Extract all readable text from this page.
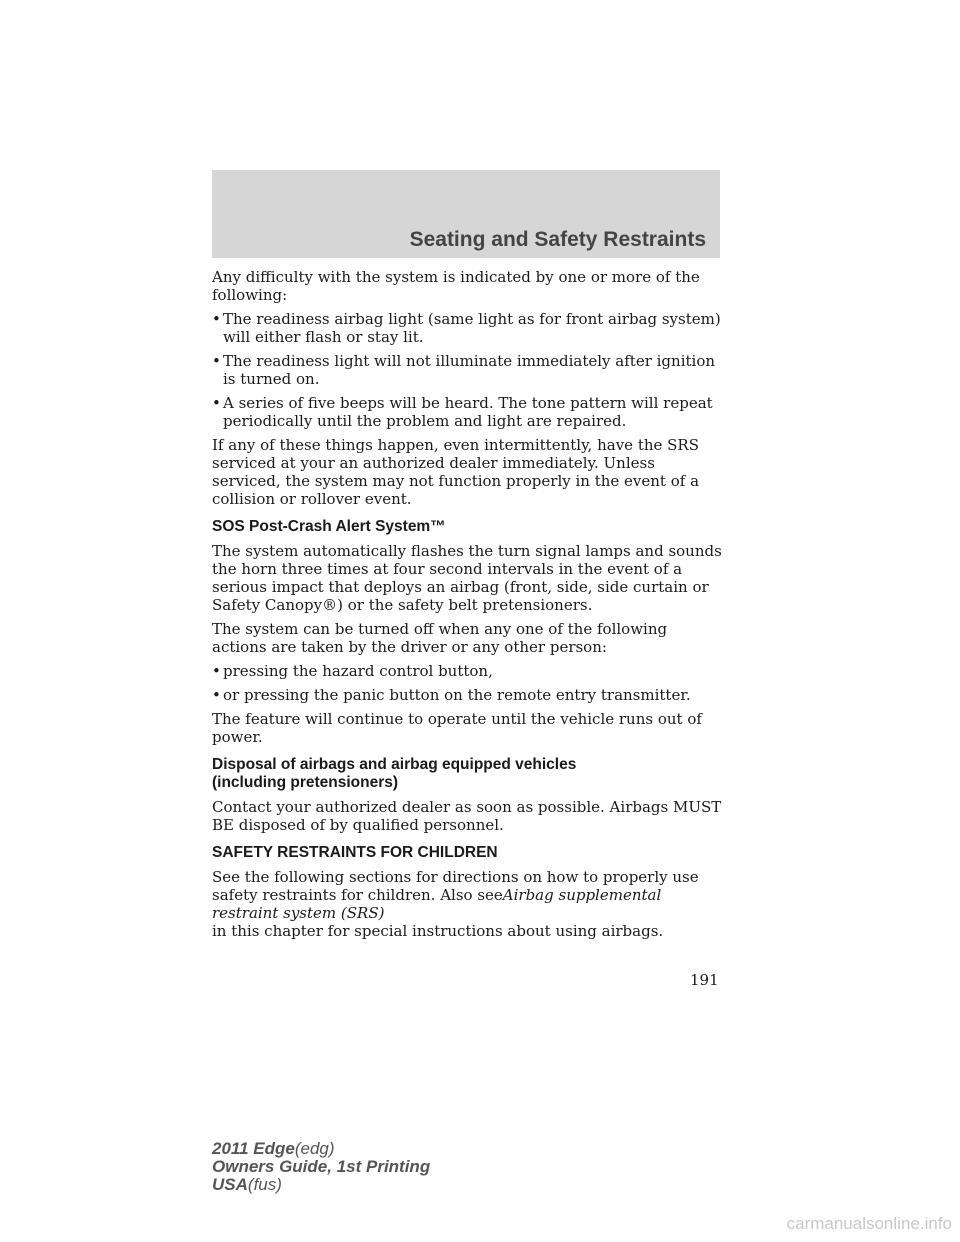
Seating and Safety Restraints

Any difficulty with the system is indicated by one or more of the following:

• The readiness airbag light (same light as for front airbag system) will either flash or stay lit.
• The readiness light will not illuminate immediately after ignition is turned on.
• A series of five beeps will be heard. The tone pattern will repeat periodically until the problem and light are repaired.

If any of these things happen, even intermittently, have the SRS serviced at your an authorized dealer immediately. Unless serviced, the system may not function properly in the event of a collision or rollover event.

SOS Post-Crash Alert System™

The system automatically flashes the turn signal lamps and sounds the horn three times at four second intervals in the event of a serious impact that deploys an airbag (front, side, side curtain or Safety Canopy®) or the safety belt pretensioners.

The system can be turned off when any one of the following actions are taken by the driver or any other person:

• pressing the hazard control button,
• or pressing the panic button on the remote entry transmitter.

The feature will continue to operate until the vehicle runs out of power.

Disposal of airbags and airbag equipped vehicles
(including pretensioners)

Contact your authorized dealer as soon as possible. Airbags MUST BE disposed of by qualified personnel.

SAFETY RESTRAINTS FOR CHILDREN

See the following sections for directions on how to properly use safety restraints for children. Also seeAirbag supplemental restraint system (SRS)
in this chapter for special instructions about using airbags.

191

2011 Edge(edg)
Owners Guide, 1st Printing
USA(fus)
carmanualsonline.info
